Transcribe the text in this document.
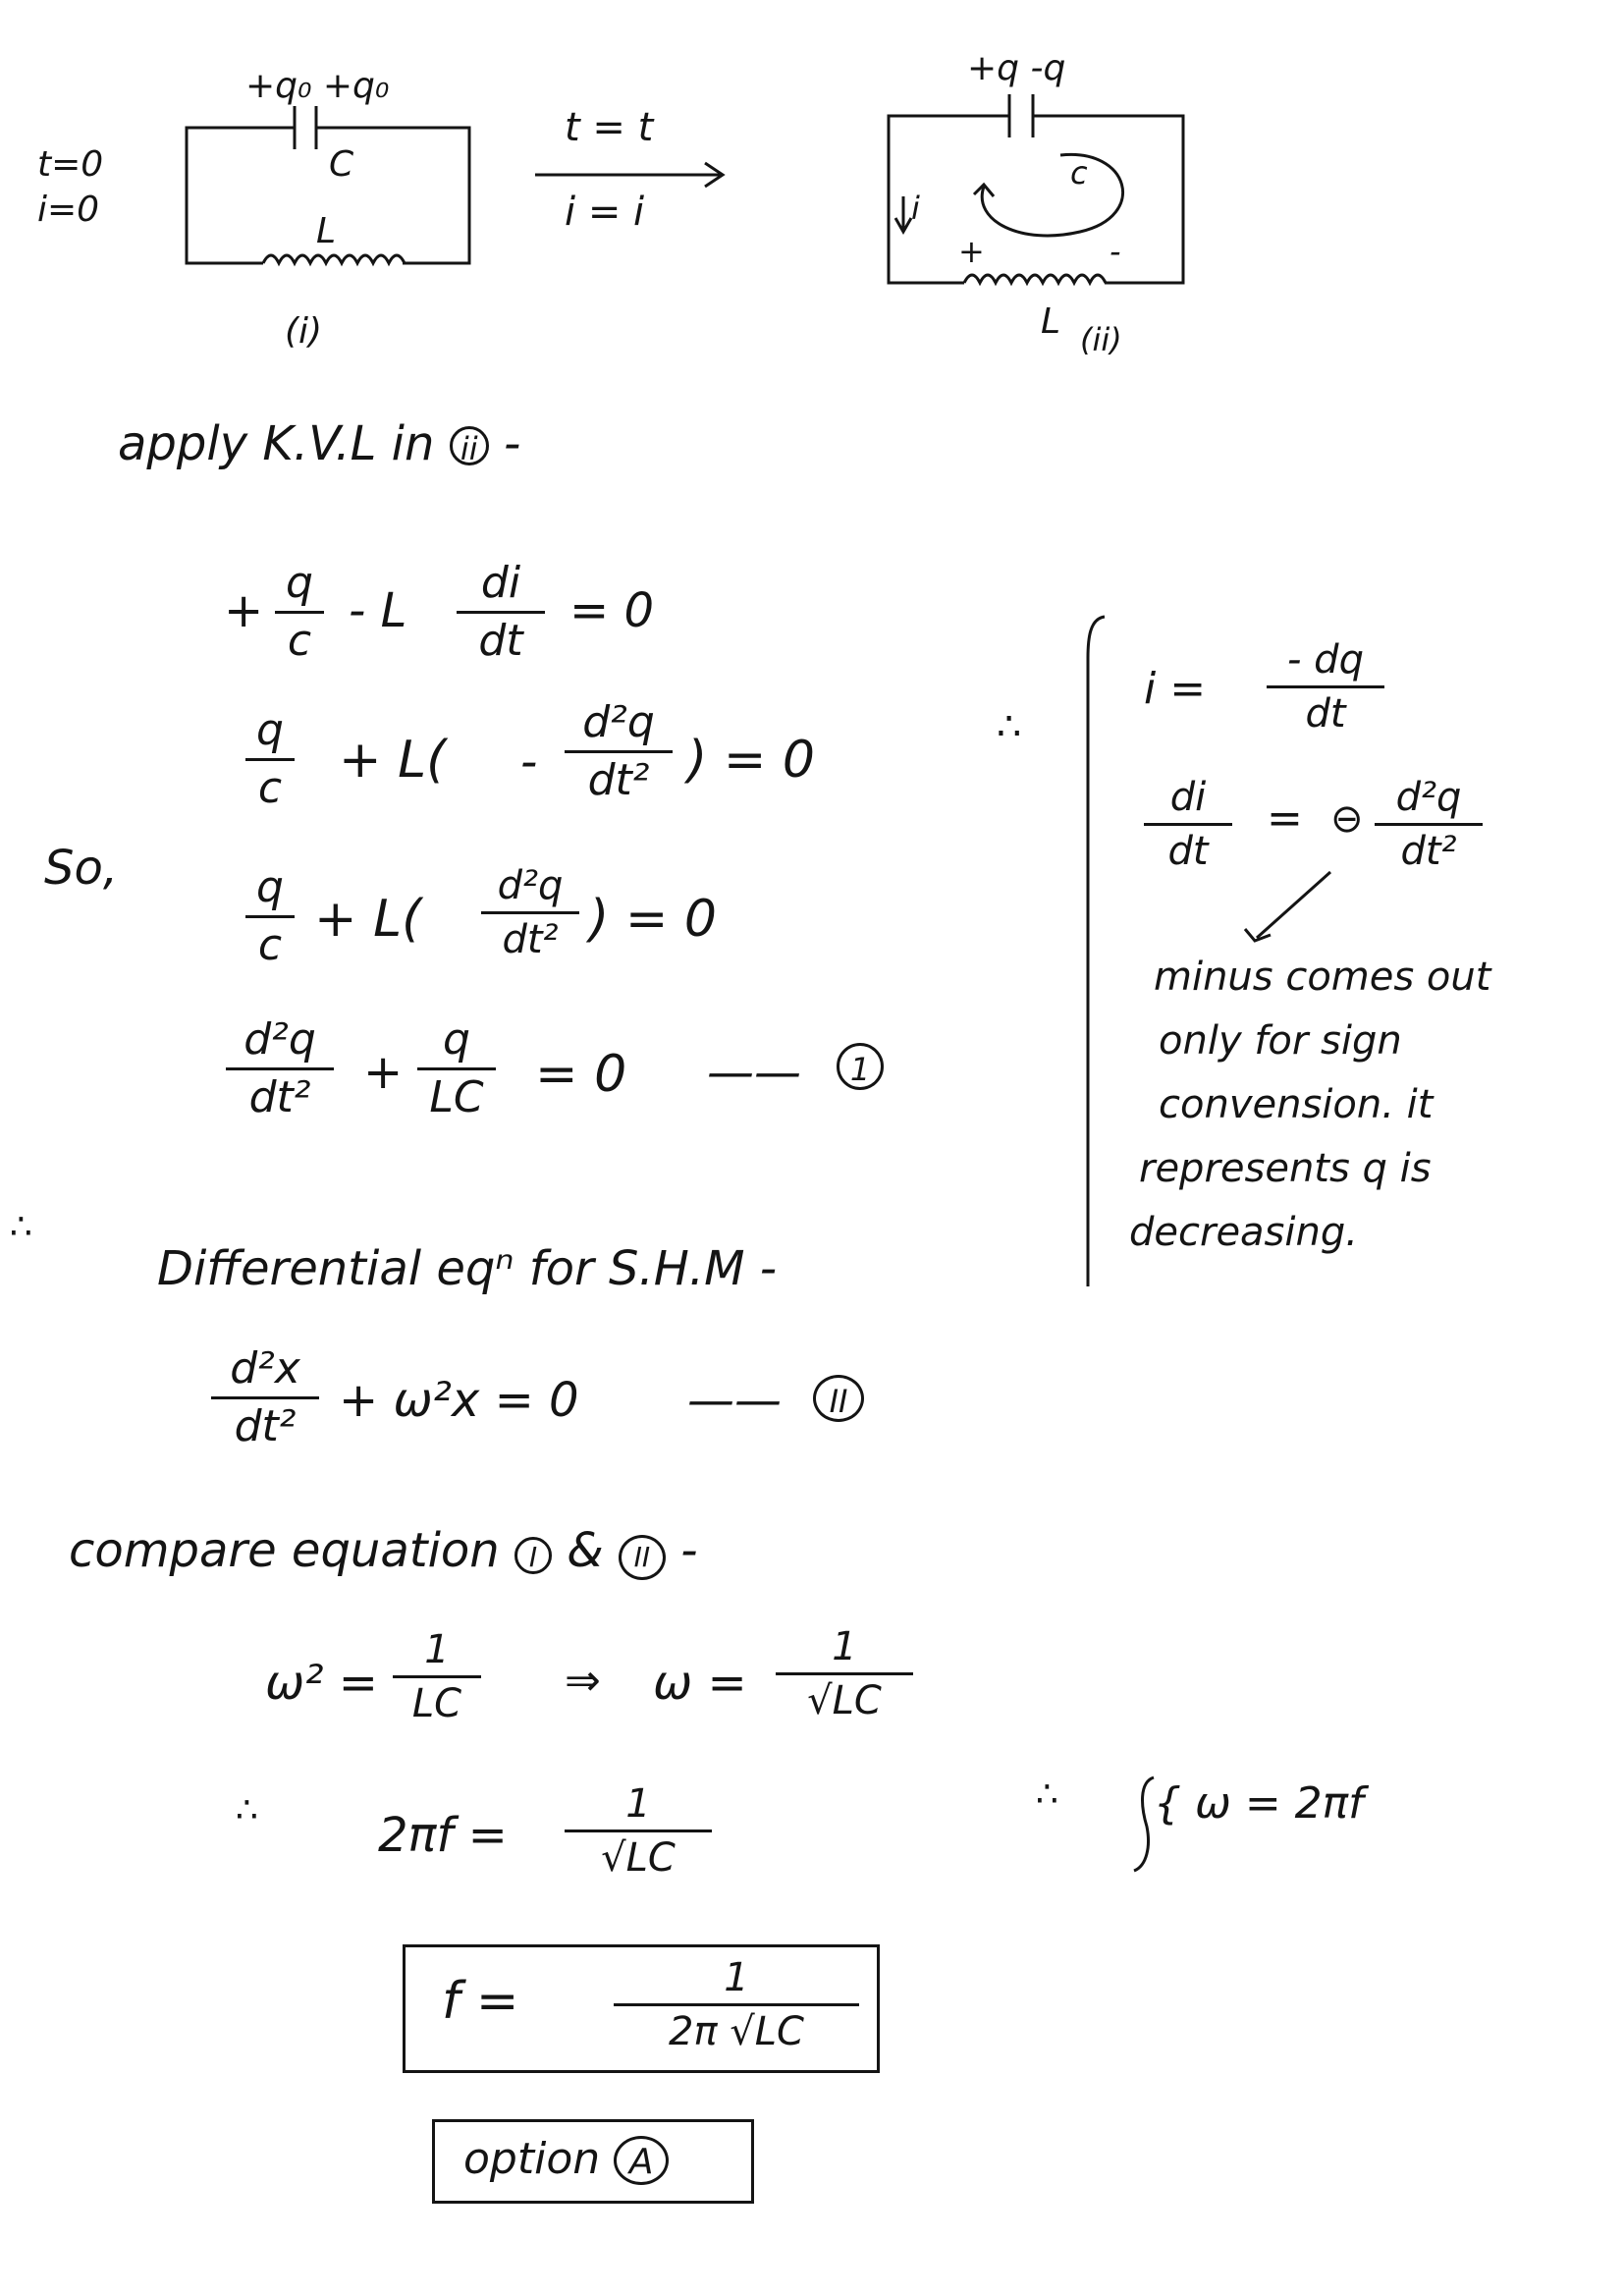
+q₀ +q₀
C
L
t=0
i=0
(i)
t = t
i = i
+q -q
i
c
+	-
L (ii)
apply K.V.L in ii -
+
q
c
- L
di
dt
= 0
q
c + L( -
d²q
dt² ) = 0
So,	q
c + L(
d²q
dt² ) = 0
d²q
dt²	+
q
LC = 0 ——	1
∴
i =
- dq
dt
di
dt
= ⊖ d²q
dt²
minus comes out
only for sign
convension. it
represents q is
decreasing.
∴
Differential eqⁿ for S.H.M -
d²x
dt² + ω²x = 0 ——	II
compare equation I & II -
ω² =
1
LC	⇒ ω =
1
√LC
∴	2πf =
1
√LC
∴ { ω = 2πf
f =	1
2π √LC
option A
